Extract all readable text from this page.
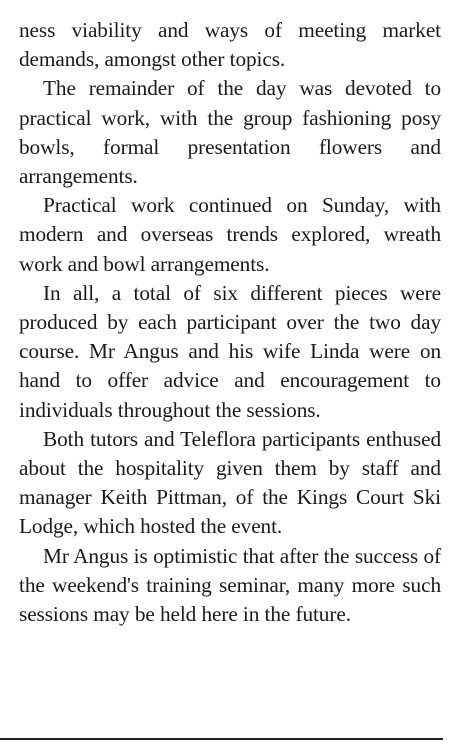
ness viability and ways of meeting market demands, amongst other topics.

The remainder of the day was devoted to practical work, with the group fashioning posy bowls, formal presentation flowers and arrangements.

Practical work continued on Sunday, with modern and overseas trends explored, wreath work and bowl arrangements.

In all, a total of six different pieces were produced by each participant over the two day course. Mr Angus and his wife Linda were on hand to offer advice and encouragement to individuals throughout the sessions.

Both tutors and Teleflora participants enthused about the hospitality given them by staff and manager Keith Pittman, of the Kings Court Ski Lodge, which hosted the event.

Mr Angus is optimistic that after the success of the weekend's training seminar, many more such sessions may be held here in the future.
